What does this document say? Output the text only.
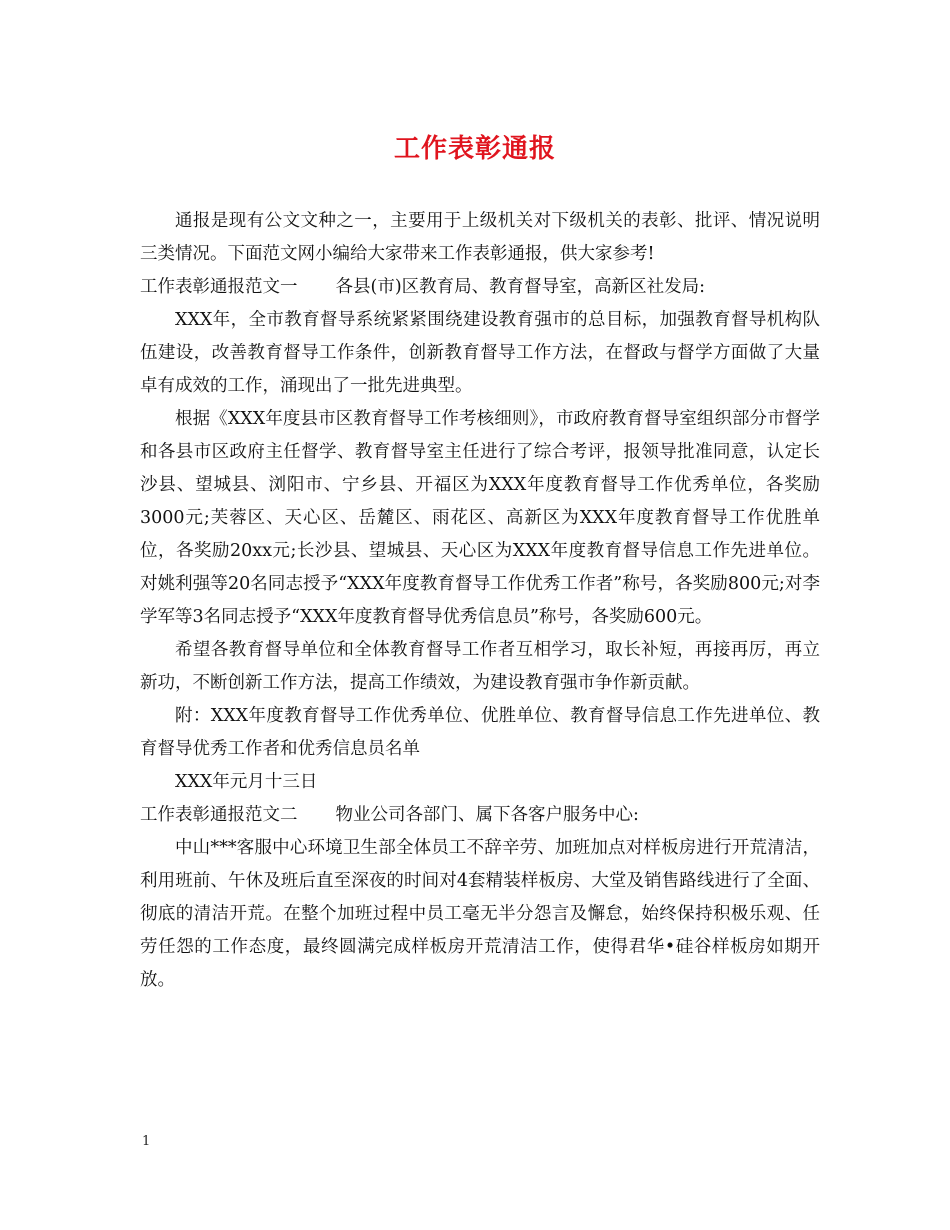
工作表彰通报

通报是现有公文文种之一，主要用于上级机关对下级机关的表彰、批评、情况说明三类情况。下面范文网小编给大家带来工作表彰通报，供大家参考!

工作表彰通报范文一 各县(市)区教育局、教育督导室，高新区社发局:

XXX年，全市教育督导系统紧紧围绕建设教育强市的总目标，加强教育督导机构队伍建设，改善教育督导工作条件，创新教育督导工作方法，在督政与督学方面做了大量卓有成效的工作，涌现出了一批先进典型。

根据《XXX年度县市区教育督导工作考核细则》，市政府教育督导室组织部分市督学和各县市区政府主任督学、教育督导室主任进行了综合考评，报领导批准同意，认定长沙县、望城县、浏阳市、宁乡县、开福区为XXX年度教育督导工作优秀单位，各奖励3000元;芙蓉区、天心区、岳麓区、雨花区、高新区为XXX年度教育督导工作优胜单位，各奖励20xx元;长沙县、望城县、天心区为XXX年度教育督导信息工作先进单位。对姚利强等20名同志授予“XXX年度教育督导工作优秀工作者”称号，各奖励800元;对李学军等3名同志授予“XXX年度教育督导优秀信息员”称号，各奖励600元。

希望各教育督导单位和全体教育督导工作者互相学习，取长补短，再接再厉，再立新功，不断创新工作方法，提高工作绩效，为建设教育强市争作新贡献。

附：XXX年度教育督导工作优秀单位、优胜单位、教育督导信息工作先进单位、教育督导优秀工作者和优秀信息员名单

XXX年元月十三日

工作表彰通报范文二 物业公司各部门、属下各客户服务中心:

中山***客服中心环境卫生部全体员工不辞辛劳、加班加点对样板房进行开荒清洁，利用班前、午休及班后直至深夜的时间对4套精装样板房、大堂及销售路线进行了全面、彻底的清洁开荒。在整个加班过程中员工毫无半分怨言及懈怠，始终保持积极乐观、任劳任怨的工作态度，最终圆满完成样板房开荒清洁工作，使得君华•硅谷样板房如期开放。

1
